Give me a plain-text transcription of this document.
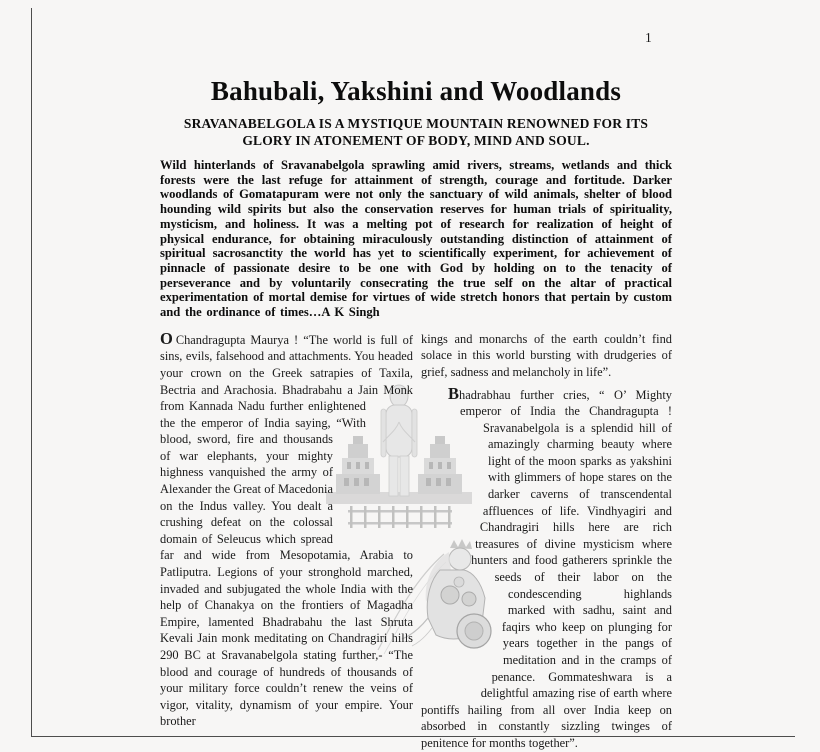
1
Bahubali, Yakshini and Woodlands
SRAVANABELGOLA IS A MYSTIQUE MOUNTAIN RENOWNED FOR ITS
GLORY IN ATONEMENT OF BODY, MIND AND SOUL.

Wild hinterlands of Sravanabelgola sprawling amid rivers, streams, wetlands and thick forests were the last refuge for attainment of strength, courage and fortitude. Darker woodlands of Gomatapuram were not only the sanctuary of wild animals, shelter of blood hounding wild spirits but also the conservation reserves for human trials of spirituality, mysticism, and holiness. It was a melting pot of research for realization of height of physical endurance, for obtaining miraculously outstanding distinction of attainment of spiritual sacrosanctity the world has yet to scientifically experiment, for achievement of pinnacle of passionate desire to be one with God by holding on to the tenacity of perseverance and by voluntarily consecrating the true self on the altar of practical experimentation of mortal demise for virtues of wide stretch honors that pertain by custom and the ordinance of times…A K Singh

O Chandragupta Maurya ! “The world is full of sins, evils, falsehood and attachments. You headed your crown on the Greek satrapies of Taxila, Bectria and Arachosia. Bhadrabahu a Jain Monk from Kannada Nadu further enlightened the the emperor of India saying, “With blood, sword, fire and thousands of war elephants, your mighty highness vanquished the army of Alexander the Great of Macedonia on the Indus valley. You dealt a crushing defeat on the colossal domain of Seleucus which spread far and wide from Mesopotamia, Arabia to Patliputra. Legions of your stronghold marched, invaded and subjugated the whole India with the help of Chanakya on the frontiers of Magadha Empire, lamented Bhadrabahu the last Shruta Kevali Jain monk meditating on Chandragiri hills 290 BC at Sravanabelgola stating further,- “The blood and courage of hundreds of thousands of your military force couldn’t renew the veins of vigor, vitality, dynamism of your empire. Your brother

kings and monarchs of the earth couldn’t find solace in this world bursting with drudgeries of grief, sadness and melancholy in life”.

Bhadrabhau further cries, “ O’ Mighty emperor of India the Chandragupta ! Sravanabelgola is a splendid hill of amazingly charming beauty where light of the moon sparks as yakshini with glimmers of hope stares on the darker caverns of transcendental affluences of life. Vindhyagiri and Chandragiri hills here are rich treasures of divine mysticism where hunters and food gatherers sprinkle the seeds of their labor on the condescending highlands marked with sadhu, saint and faqirs who keep on plunging for years together in the pangs of meditation and in the cramps of penance. Gommateshwara is a delightful amazing rise of earth where pontiffs hailing from all over India keep on absorbed in constantly sizzling twinges of penitence for months together”.
